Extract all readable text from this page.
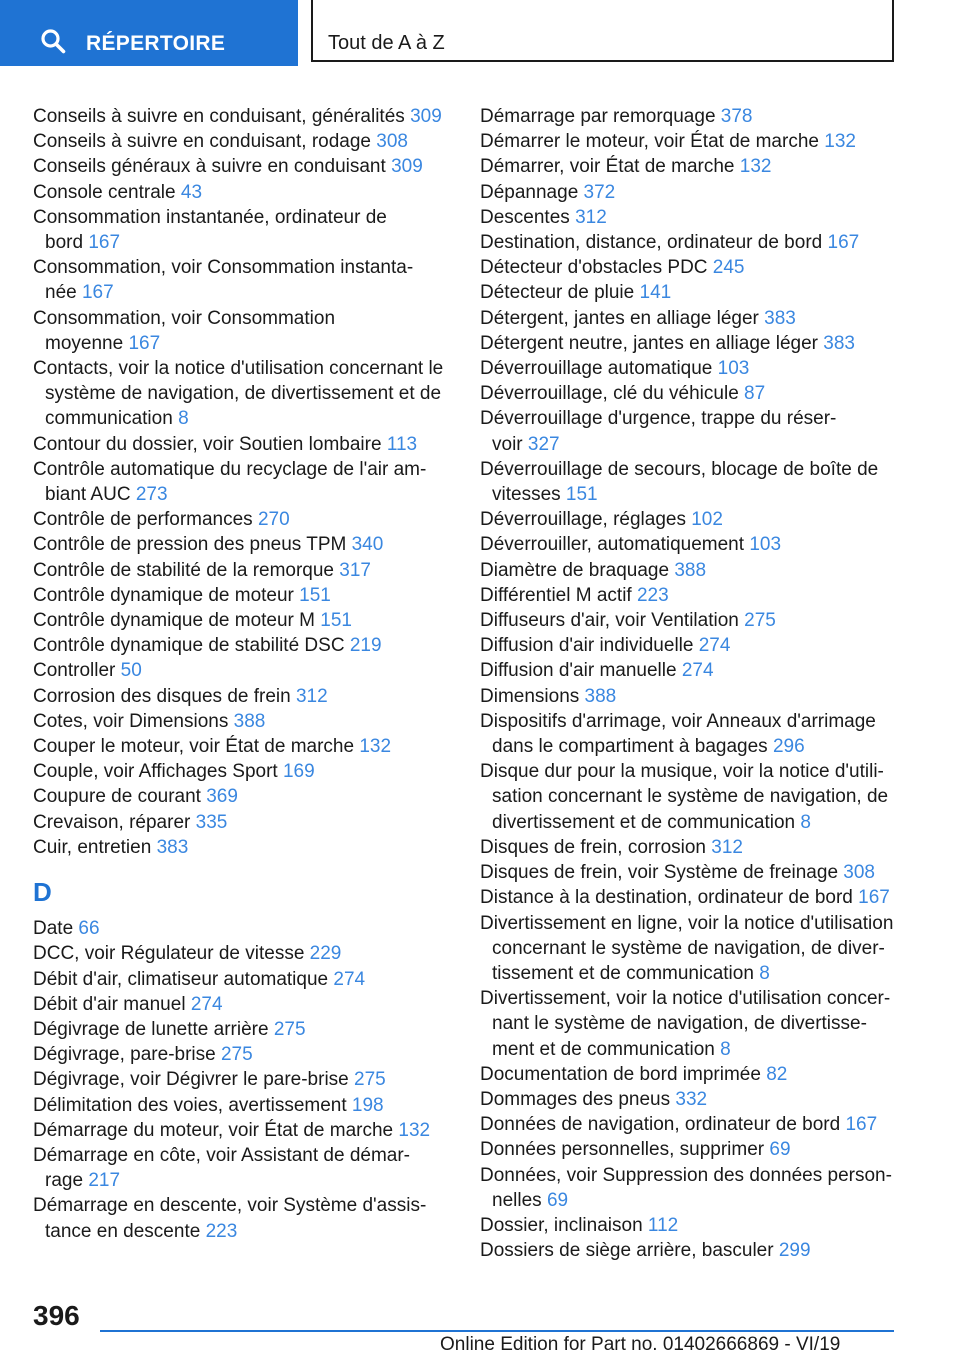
RÉPERTOIRE	Tout de A à Z
Conseils à suivre en conduisant, généralités 309
Conseils à suivre en conduisant, rodage 308
Conseils généraux à suivre en conduisant 309
Console centrale 43
Consommation instantanée, ordinateur de
bord 167
Consommation, voir Consommation instanta-
née 167
Consommation, voir Consommation
moyenne 167
Contacts, voir la notice d'utilisation concernant le
système de navigation, de divertissement et de
communication 8
Contour du dossier, voir Soutien lombaire 113
Contrôle automatique du recyclage de l'air am-
biant AUC 273
Contrôle de performances 270
Contrôle de pression des pneus TPM 340
Contrôle de stabilité de la remorque 317
Contrôle dynamique de moteur 151
Contrôle dynamique de moteur M 151
Contrôle dynamique de stabilité DSC 219
Controller 50
Corrosion des disques de frein 312
Cotes, voir Dimensions 388
Couper le moteur, voir État de marche 132
Couple, voir Affichages Sport 169
Coupure de courant 369
Crevaison, réparer 335
Cuir, entretien 383
D
Date 66
DCC, voir Régulateur de vitesse 229
Débit d'air, climatiseur automatique 274
Débit d'air manuel 274
Dégivrage de lunette arrière 275
Dégivrage, pare-brise 275
Dégivrage, voir Dégivrer le pare-brise 275
Délimitation des voies, avertissement 198
Démarrage du moteur, voir État de marche 132
Démarrage en côte, voir Assistant de démar-
rage 217
Démarrage en descente, voir Système d'assis-
tance en descente 223
Démarrage par remorquage 378
Démarrer le moteur, voir État de marche 132
Démarrer, voir État de marche 132
Dépannage 372
Descentes 312
Destination, distance, ordinateur de bord 167
Détecteur d'obstacles PDC 245
Détecteur de pluie 141
Détergent, jantes en alliage léger 383
Détergent neutre, jantes en alliage léger 383
Déverrouillage automatique 103
Déverrouillage, clé du véhicule 87
Déverrouillage d'urgence, trappe du réser-
voir 327
Déverrouillage de secours, blocage de boîte de
vitesses 151
Déverrouillage, réglages 102
Déverrouiller, automatiquement 103
Diamètre de braquage 388
Différentiel M actif 223
Diffuseurs d'air, voir Ventilation 275
Diffusion d'air individuelle 274
Diffusion d'air manuelle 274
Dimensions 388
Dispositifs d'arrimage, voir Anneaux d'arrimage
dans le compartiment à bagages 296
Disque dur pour la musique, voir la notice d'utili-
sation concernant le système de navigation, de
divertissement et de communication 8
Disques de frein, corrosion 312
Disques de frein, voir Système de freinage 308
Distance à la destination, ordinateur de bord 167
Divertissement en ligne, voir la notice d'utilisation
concernant le système de navigation, de diver-
tissement et de communication 8
Divertissement, voir la notice d'utilisation concer-
nant le système de navigation, de divertisse-
ment et de communication 8
Documentation de bord imprimée 82
Dommages des pneus 332
Données de navigation, ordinateur de bord 167
Données personnelles, supprimer 69
Données, voir Suppression des données person-
nelles 69
Dossier, inclinaison 112
Dossiers de siège arrière, basculer 299
396
Online Edition for Part no. 01402666869 - VI/19
